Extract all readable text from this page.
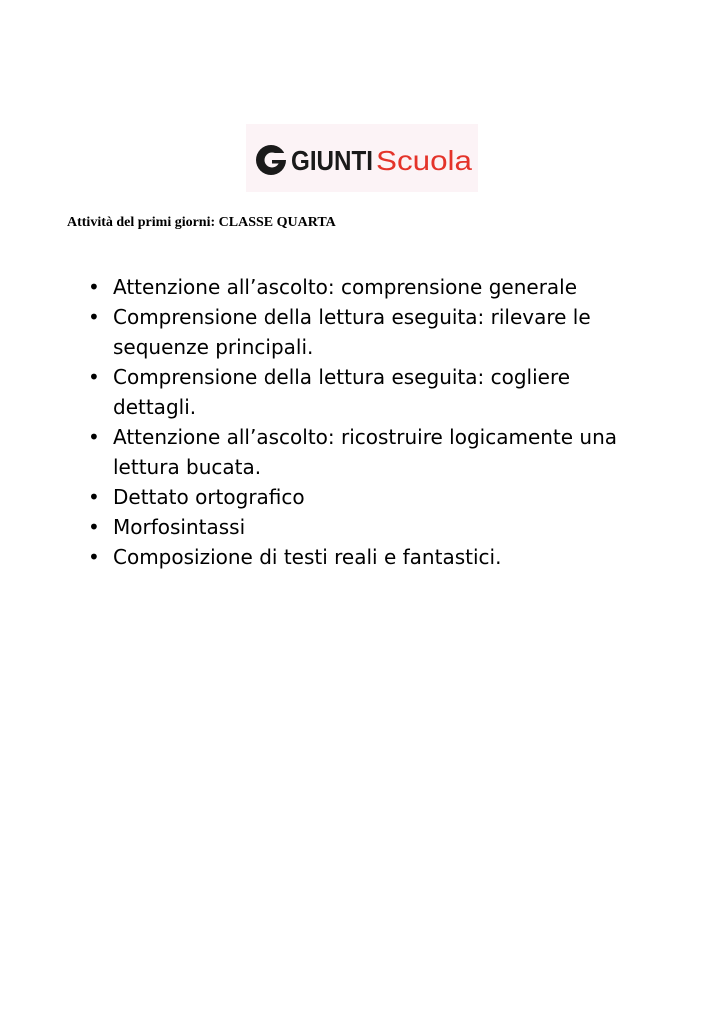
GIUNTI Scuola
Attività del primi giorni: CLASSE QUARTA
• Attenzione all’ascolto: comprensione generale
• Comprensione della lettura eseguita: rilevare le sequenze principali.
• Comprensione della lettura eseguita: cogliere dettagli.
• Attenzione all’ascolto: ricostruire logicamente una lettura bucata.
• Dettato ortografico
• Morfosintassi
• Composizione di testi reali e fantastici.
